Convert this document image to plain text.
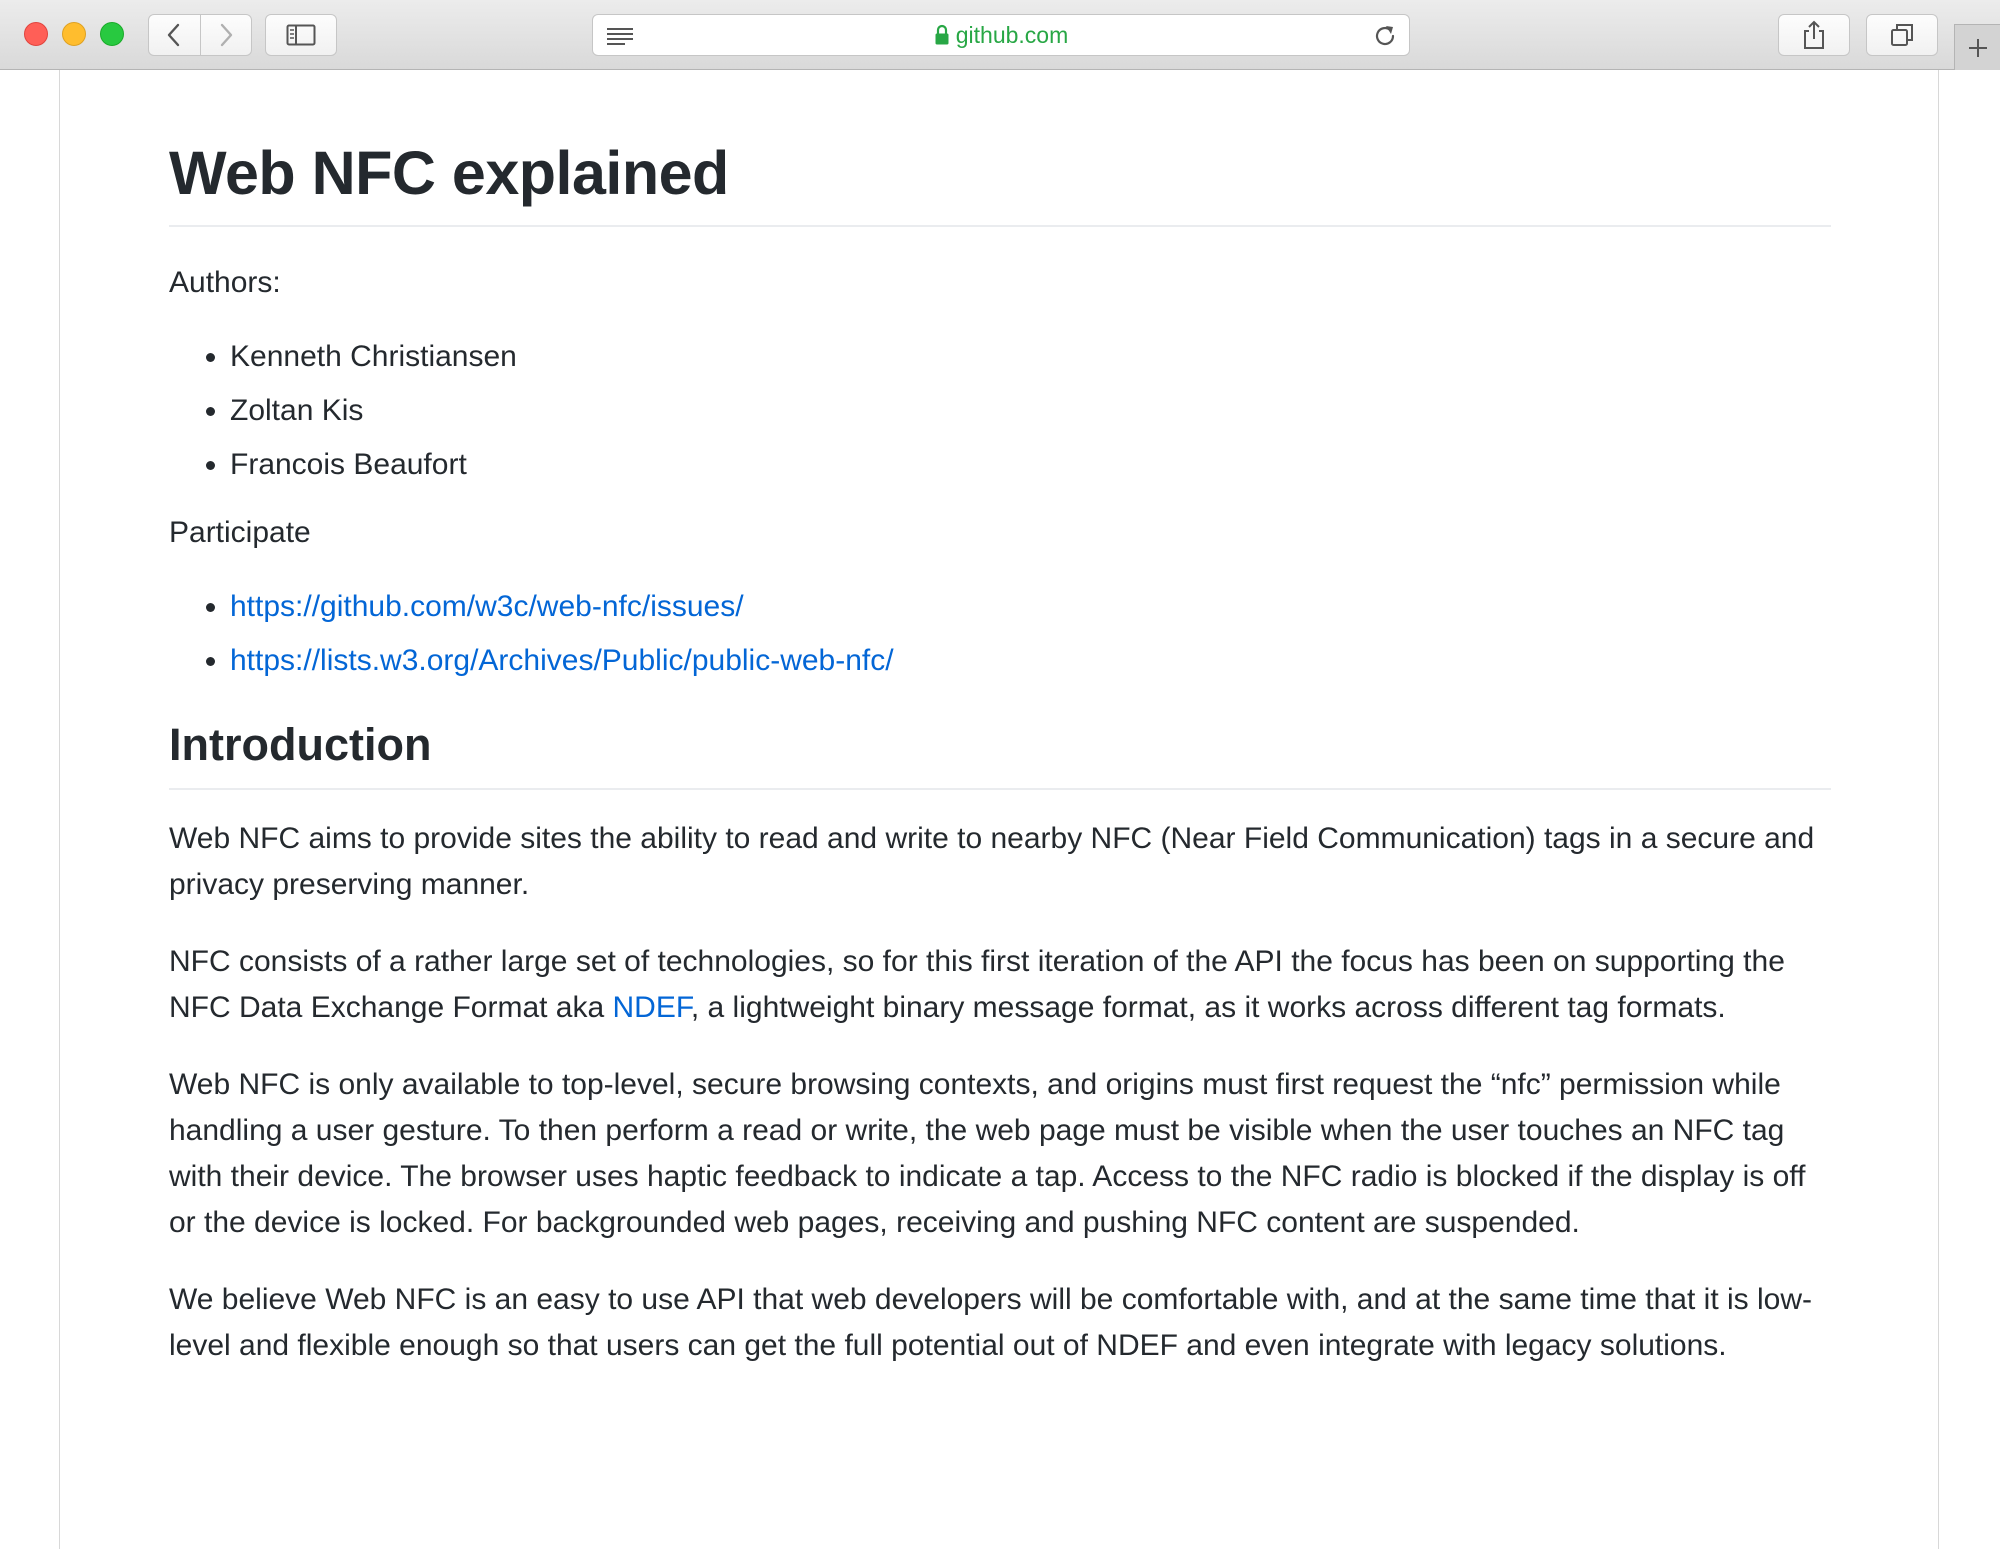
github.com
Web NFC explained

Authors:

• Kenneth Christiansen
• Zoltan Kis
• Francois Beaufort

Participate

• https://github.com/w3c/web-nfc/issues/
• https://lists.w3.org/Archives/Public/public-web-nfc/
Introduction

Web NFC aims to provide sites the ability to read and write to nearby NFC (Near Field Communication) tags in a secure and privacy preserving manner.

NFC consists of a rather large set of technologies, so for this first iteration of the API the focus has been on supporting the NFC Data Exchange Format aka NDEF, a lightweight binary message format, as it works across different tag formats.

Web NFC is only available to top-level, secure browsing contexts, and origins must first request the “nfc” permission while handling a user gesture. To then perform a read or write, the web page must be visible when the user touches an NFC tag with their device. The browser uses haptic feedback to indicate a tap. Access to the NFC radio is blocked if the display is off or the device is locked. For backgrounded web pages, receiving and pushing NFC content are suspended.

We believe Web NFC is an easy to use API that web developers will be comfortable with, and at the same time that it is low-level and flexible enough so that users can get the full potential out of NDEF and even integrate with legacy solutions.
